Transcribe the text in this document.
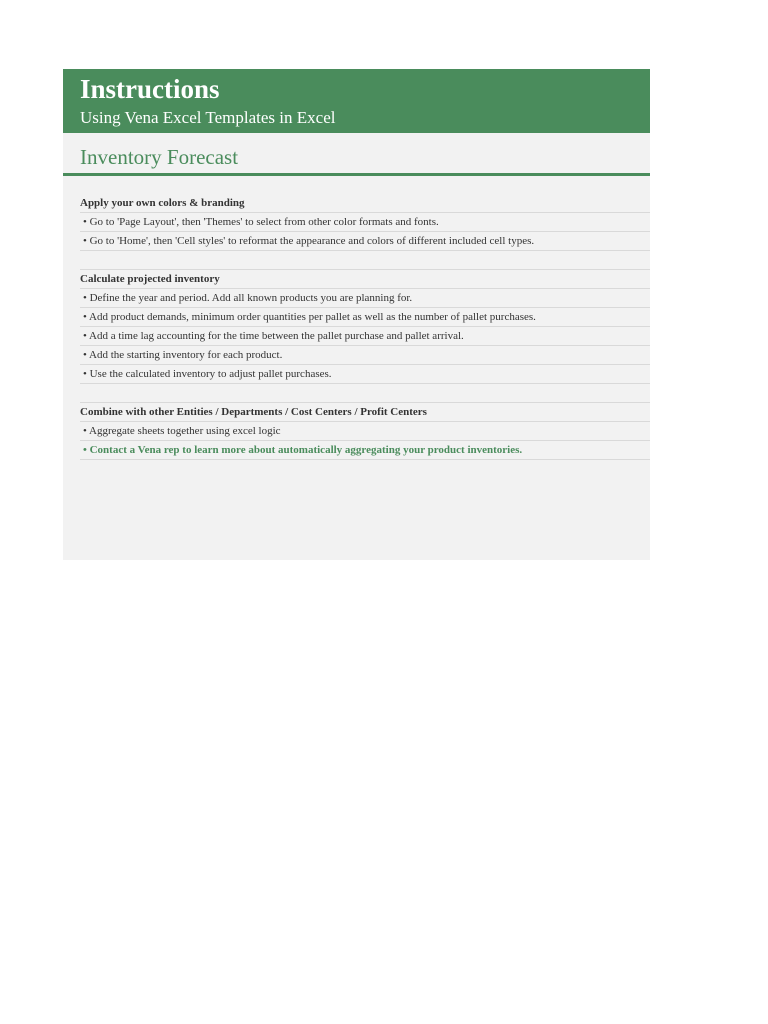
Instructions
Using Vena Excel Templates in Excel
Inventory Forecast
Apply your own colors & branding
• Go to 'Page Layout', then 'Themes' to select from other color formats and fonts.
• Go to 'Home', then 'Cell styles' to reformat the appearance and colors of different included cell types.
Calculate projected inventory
• Define the year and period. Add all known products you are planning for.
• Add product demands, minimum order quantities per pallet as well as the number of pallet purchases.
• Add a time lag accounting for the time between the pallet purchase and pallet arrival.
• Add the starting inventory for each product.
• Use the calculated inventory to adjust pallet purchases.
Combine with other Entities / Departments / Cost Centers / Profit Centers
• Aggregate sheets together using excel logic
• Contact a Vena rep to learn more about automatically aggregating your product inventories.
